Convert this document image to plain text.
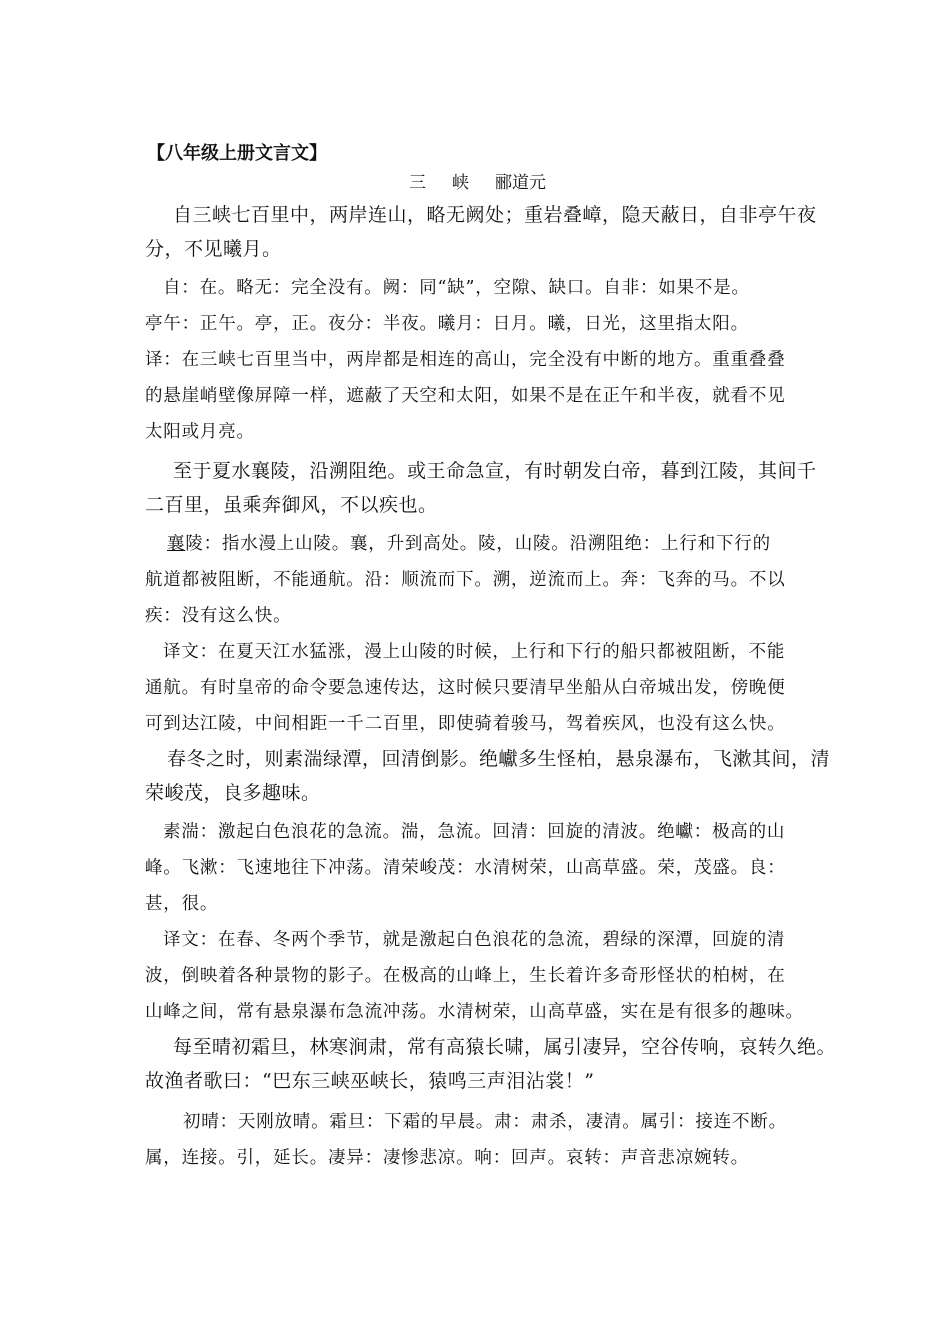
【八年级上册文言文】

三 峡 郦道元

自三峡七百里中，两岸连山，略无阙处；重岩叠嶂，隐天蔽日，自非亭午夜

分，不见曦月。

自：在。略无：完全没有。阙：同“缺”，空隙、缺口。自非：如果不是。

亭午：正午。亭，正。夜分：半夜。曦月：日月。曦，日光，这里指太阳。

译：在三峡七百里当中，两岸都是相连的高山，完全没有中断的地方。重重叠叠

的悬崖峭壁像屏障一样，遮蔽了天空和太阳，如果不是在正午和半夜，就看不见

太阳或月亮。

至于夏水襄陵，沿溯阻绝。或王命急宣，有时朝发白帝，暮到江陵，其间千

二百里，虽乘奔御风，不以疾也。

襄陵：指水漫上山陵。襄，升到高处。陵，山陵。沿溯阻绝：上行和下行的

航道都被阻断，不能通航。沿：顺流而下。溯，逆流而上。奔：飞奔的马。不以

疾：没有这么快。

译文：在夏天江水猛涨，漫上山陵的时候，上行和下行的船只都被阻断，不能

通航。有时皇帝的命令要急速传达，这时候只要清早坐船从白帝城出发，傍晚便

可到达江陵，中间相距一千二百里，即使骑着骏马，驾着疾风，也没有这么快。

春冬之时，则素湍绿潭，回清倒影。绝巘多生怪柏，悬泉瀑布，飞漱其间，清

荣峻茂，良多趣味。

素湍：激起白色浪花的急流。湍，急流。回清：回旋的清波。绝巘：极高的山

峰。飞漱：飞速地往下冲荡。清荣峻茂：水清树荣，山高草盛。荣，茂盛。良：

甚，很。

译文：在春、冬两个季节，就是激起白色浪花的急流，碧绿的深潭，回旋的清

波，倒映着各种景物的影子。在极高的山峰上，生长着许多奇形怪状的柏树，在

山峰之间，常有悬泉瀑布急流冲荡。水清树荣，山高草盛，实在是有很多的趣味。

每至晴初霜旦，林寒涧肃，常有高猿长啸，属引凄异，空谷传响，哀转久绝。

故渔者歌曰：“巴东三峡巫峡长，猿鸣三声泪沾裳！”

初晴：天刚放晴。霜旦：下霜的早晨。肃：肃杀，凄清。属引：接连不断。

属，连接。引，延长。凄异：凄惨悲凉。响：回声。哀转：声音悲凉婉转。
